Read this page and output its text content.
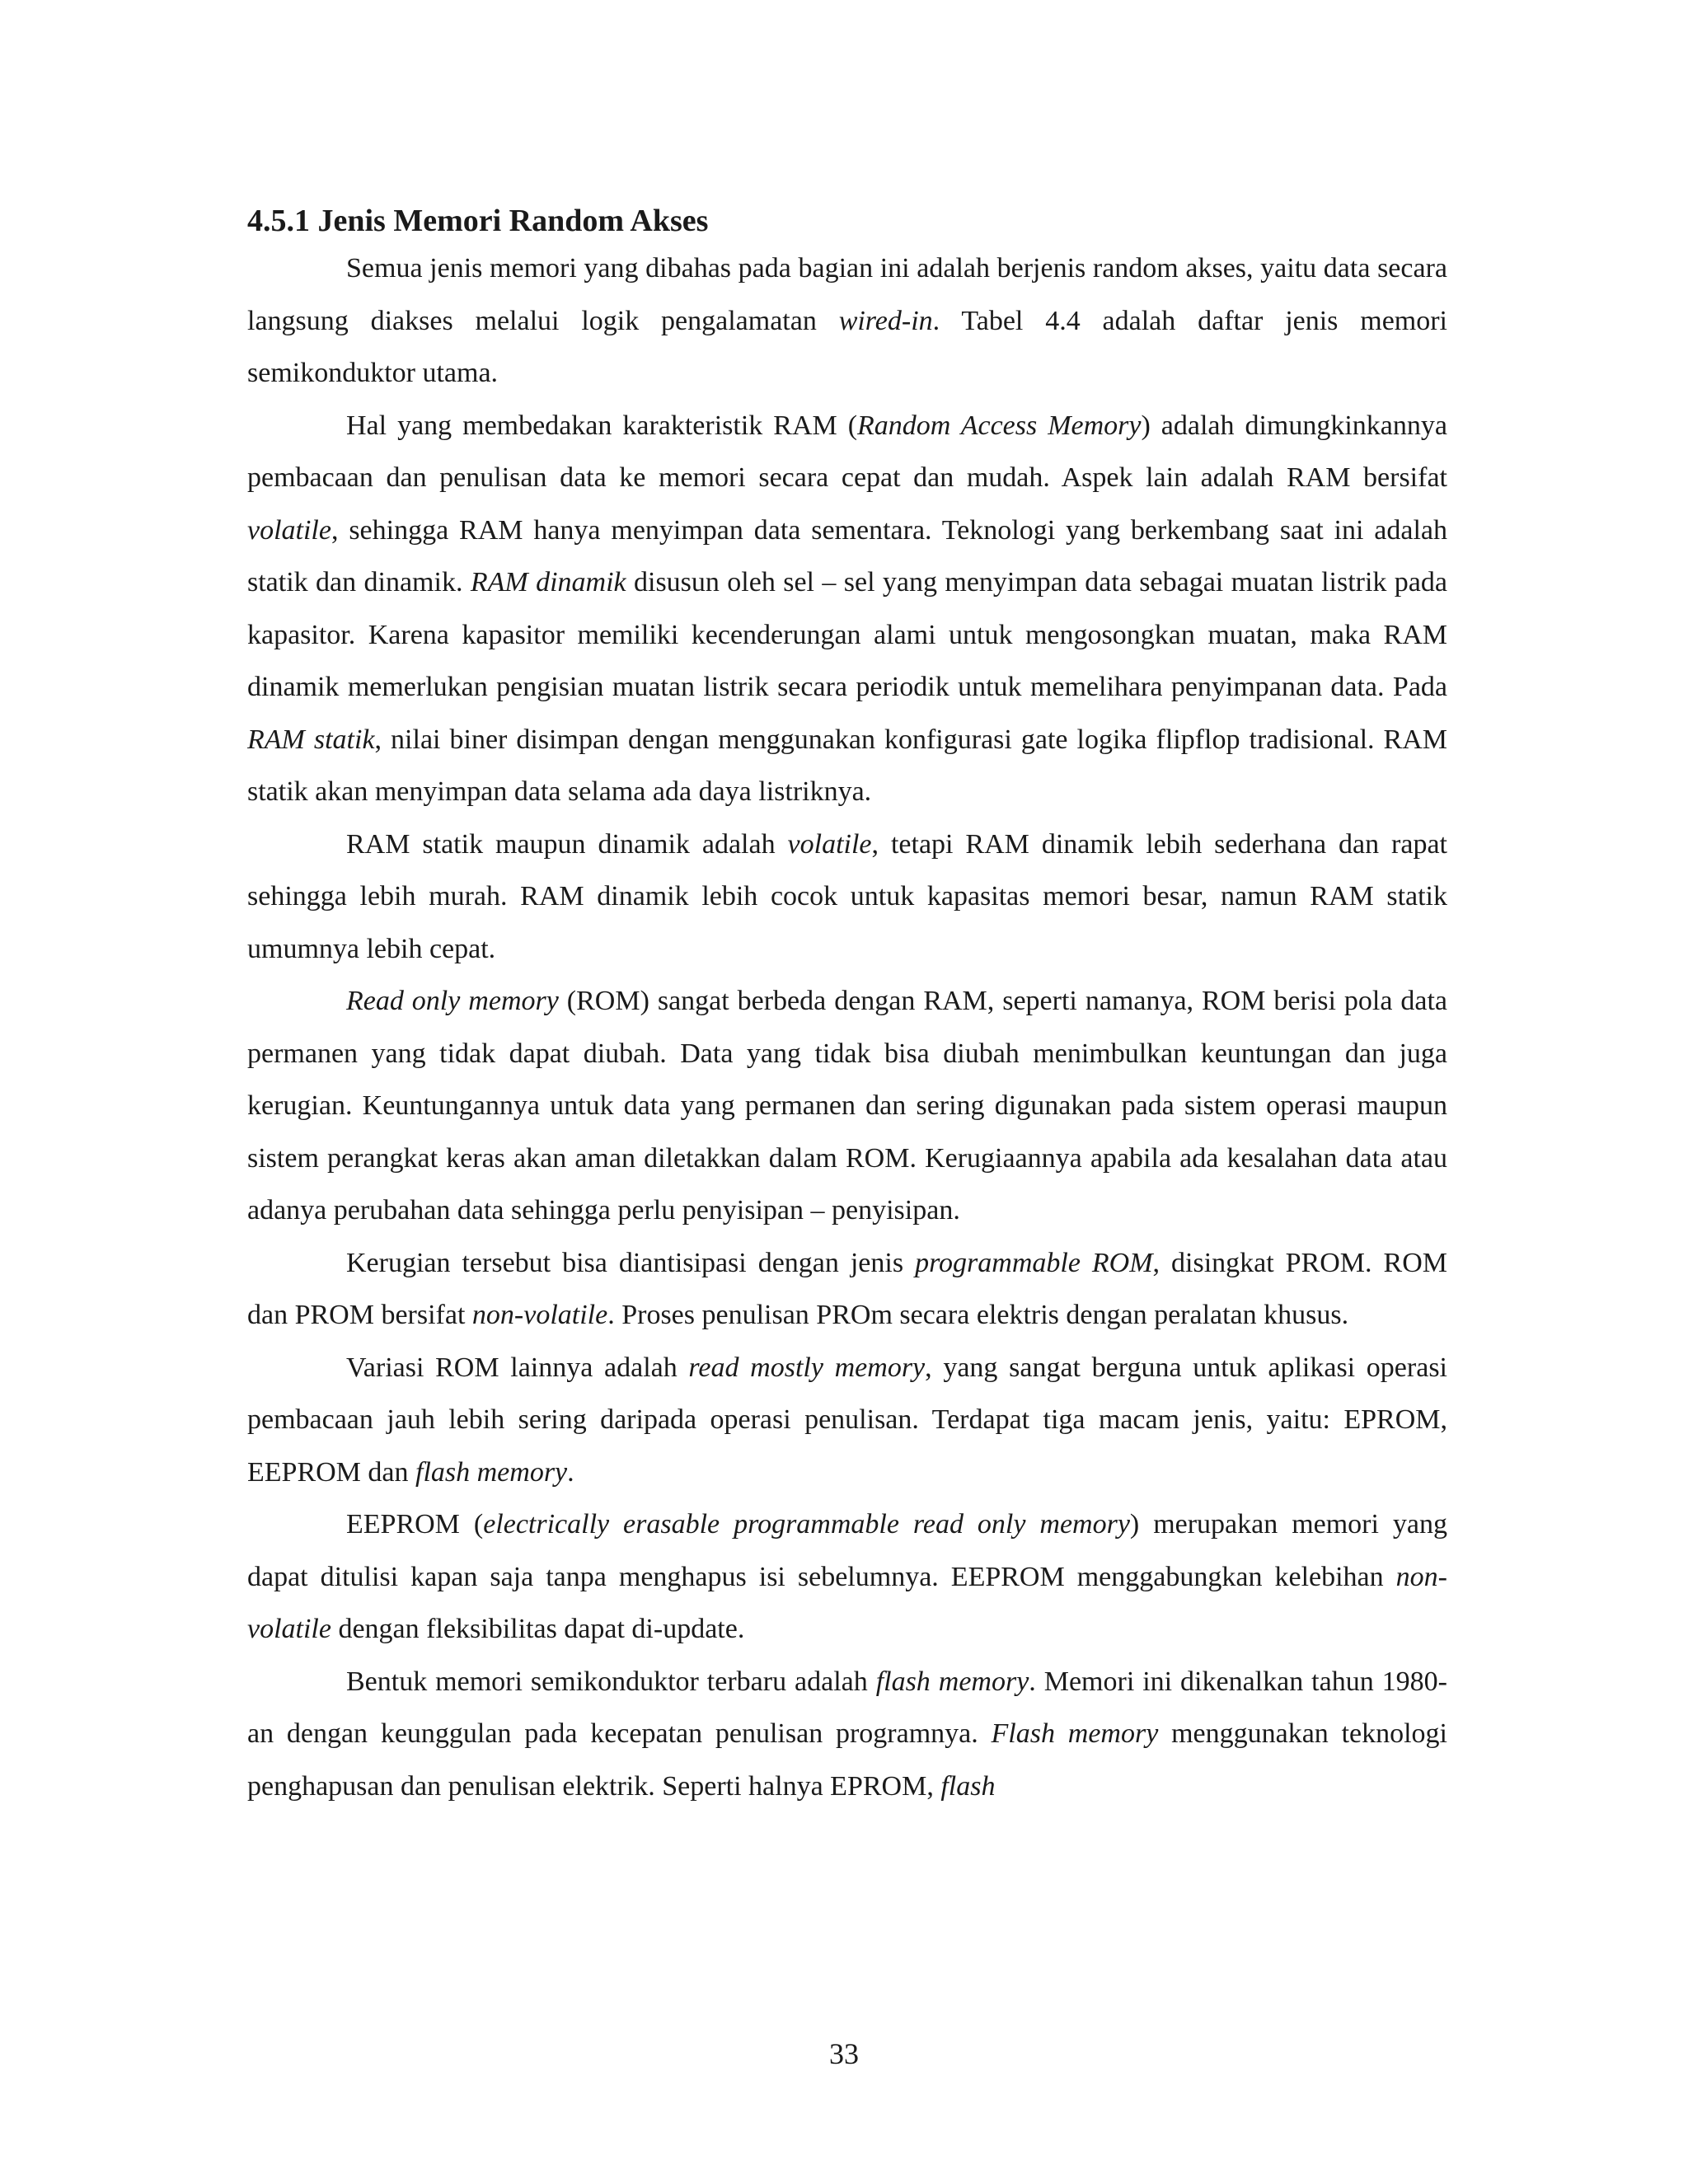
4.5.1 Jenis Memori Random Akses

Semua jenis memori yang dibahas pada bagian ini adalah berjenis random akses, yaitu data secara langsung diakses melalui logik pengalamatan wired-in. Tabel 4.4 adalah daftar jenis memori semikonduktor utama.

Hal yang membedakan karakteristik RAM (Random Access Memory) adalah dimungkinkannya pembacaan dan penulisan data ke memori secara cepat dan mudah. Aspek lain adalah RAM bersifat volatile, sehingga RAM hanya menyimpan data sementara. Teknologi yang berkembang saat ini adalah statik dan dinamik. RAM dinamik disusun oleh sel – sel yang menyimpan data sebagai muatan listrik pada kapasitor. Karena kapasitor memiliki kecenderungan alami untuk mengosongkan muatan, maka RAM dinamik memerlukan pengisian muatan listrik secara periodik untuk memelihara penyimpanan data. Pada RAM statik, nilai biner disimpan dengan menggunakan konfigurasi gate logika flipflop tradisional. RAM statik akan menyimpan data selama ada daya listriknya.

RAM statik maupun dinamik adalah volatile, tetapi RAM dinamik lebih sederhana dan rapat sehingga lebih murah. RAM dinamik lebih cocok untuk kapasitas memori besar, namun RAM statik umumnya lebih cepat.

Read only memory (ROM) sangat berbeda dengan RAM, seperti namanya, ROM berisi pola data permanen yang tidak dapat diubah. Data yang tidak bisa diubah menimbulkan keuntungan dan juga kerugian. Keuntungannya untuk data yang permanen dan sering digunakan pada sistem operasi maupun sistem perangkat keras akan aman diletakkan dalam ROM. Kerugiaannya apabila ada kesalahan data atau adanya perubahan data sehingga perlu penyisipan – penyisipan.

Kerugian tersebut bisa diantisipasi dengan jenis programmable ROM, disingkat PROM. ROM dan PROM bersifat non-volatile. Proses penulisan PROm secara elektris dengan peralatan khusus.

Variasi ROM lainnya adalah read mostly memory, yang sangat berguna untuk aplikasi operasi pembacaan jauh lebih sering daripada operasi penulisan. Terdapat tiga macam jenis, yaitu: EPROM, EEPROM dan flash memory.

EEPROM (electrically erasable programmable read only memory) merupakan memori yang dapat ditulisi kapan saja tanpa menghapus isi sebelumnya. EEPROM menggabungkan kelebihan non-volatile dengan fleksibilitas dapat di-update.

Bentuk memori semikonduktor terbaru adalah flash memory. Memori ini dikenalkan tahun 1980-an dengan keunggulan pada kecepatan penulisan programnya. Flash memory menggunakan teknologi penghapusan dan penulisan elektrik. Seperti halnya EPROM, flash

33
